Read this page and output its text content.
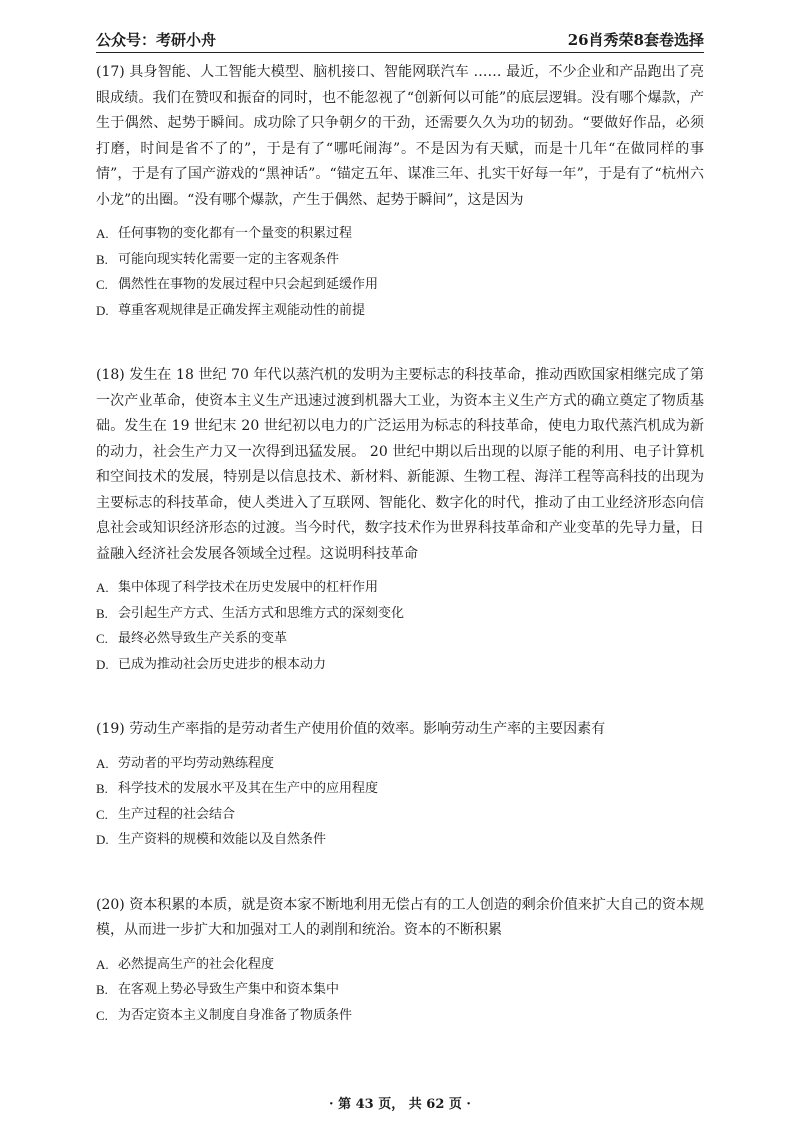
公众号：考研小舟	26肖秀荣8套卷选择
(17) 具身智能、人工智能大模型、脑机接口、智能网联汽车 …… 最近，不少企业和产品跑出了亮眼成绩。我们在赞叹和振奋的同时，也不能忽视了“创新何以可能”的底层逻辑。没有哪个爆款，产生于偶然、起势于瞬间。成功除了只争朝夕的干劲，还需要久久为功的韧劲。“要做好作品，必须打磨，时间是省不了的”，于是有了“哪吒闹海”。不是因为有天赋，而是十几年“在做同样的事情”，于是有了国产游戏的“黑神话”。“锚定五年、谋准三年、扎实干好每一年”，于是有了“杭州六小龙”的出圈。“没有哪个爆款，产生于偶然、起势于瞬间”，这是因为
A. 任何事物的变化都有一个量变的积累过程
B. 可能向现实转化需要一定的主客观条件
C. 偶然性在事物的发展过程中只会起到延缓作用
D. 尊重客观规律是正确发挥主观能动性的前提
(18) 发生在 18 世纪 70 年代以蒸汽机的发明为主要标志的科技革命，推动西欧国家相继完成了第一次产业革命，使资本主义生产迅速过渡到机器大工业，为资本主义生产方式的确立奠定了物质基础。发生在 19 世纪末 20 世纪初以电力的广泛运用为标志的科技革命，使电力取代蒸汽机成为新的动力，社会生产力又一次得到迅猛发展。 20 世纪中期以后出现的以原子能的利用、电子计算机和空间技术的发展，特别是以信息技术、新材料、新能源、生物工程、海洋工程等高科技的出现为主要标志的科技革命，使人类进入了互联网、智能化、数字化的时代，推动了由工业经济形态向信息社会或知识经济形态的过渡。当今时代，数字技术作为世界科技革命和产业变革的先导力量，日益融入经济社会发展各领域全过程。这说明科技革命
A. 集中体现了科学技术在历史发展中的杠杆作用
B. 会引起生产方式、生活方式和思维方式的深刻变化
C. 最终必然导致生产关系的变革
D. 已成为推动社会历史进步的根本动力
(19) 劳动生产率指的是劳动者生产使用价值的效率。影响劳动生产率的主要因素有
A. 劳动者的平均劳动熟练程度
B. 科学技术的发展水平及其在生产中的应用程度
C. 生产过程的社会结合
D. 生产资料的规模和效能以及自然条件
(20) 资本积累的本质，就是资本家不断地利用无偿占有的工人创造的剩余价值来扩大自己的资本规模，从而进一步扩大和加强对工人的剥削和统治。资本的不断积累
A. 必然提高生产的社会化程度
B. 在客观上势必导致生产集中和资本集中
C. 为否定资本主义制度自身准备了物质条件
· 第 43 页， 共 62 页 ·
